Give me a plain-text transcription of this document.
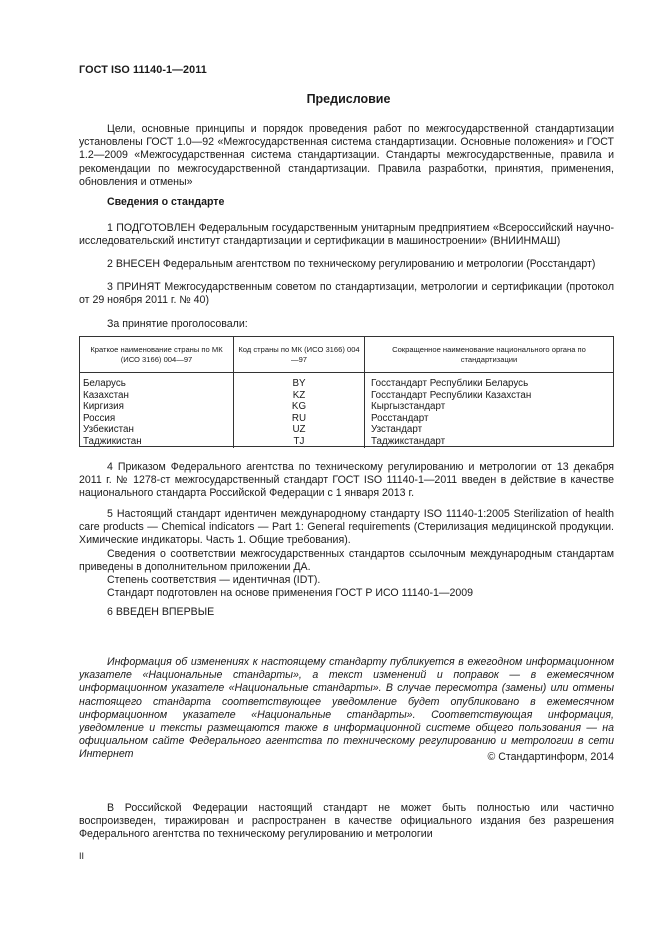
ГОСТ ISO 11140-1—2011
Предисловие

Цели, основные принципы и порядок проведения работ по межгосударственной стандартизации установлены ГОСТ 1.0—92 «Межгосударственная система стандартизации. Основные положения» и ГОСТ 1.2—2009 «Межгосударственная система стандартизации. Стандарты межгосударственные, правила и рекомендации по межгосударственной стандартизации. Правила разработки, принятия, применения, обновления и отмены»

Сведения о стандарте

1 ПОДГОТОВЛЕН Федеральным государственным унитарным предприятием «Всероссийский научно-исследовательский институт стандартизации и сертификации в машиностроении» (ВНИИНМАШ)

2 ВНЕСЕН Федеральным агентством по техническому регулированию и метрологии (Росстандарт)

3 ПРИНЯТ Межгосударственным советом по стандартизации, метрологии и сертификации (протокол от 29 ноября 2011 г. № 40)

За принятие проголосовали:

Краткое наименование страны по МК (ИСО 3166) 004—97	Код страны по МК (ИСО 3166) 004—97	Сокращенное наименование национального органа по стандартизации
Беларусь	BY	Госстандарт Республики Беларусь
Казахстан	KZ	Госстандарт Республики Казахстан
Киргизия	KG	Кыргызстандарт
Россия	RU	Росстандарт
Узбекистан	UZ	Узстандарт
Таджикистан	TJ	Таджикстандарт

4 Приказом Федерального агентства по техническому регулированию и метрологии от 13 декабря 2011 г. № 1278-ст межгосударственный стандарт ГОСТ ISO 11140-1—2011 введен в действие в качестве национального стандарта Российской Федерации с 1 января 2013 г.

5 Настоящий стандарт идентичен международному стандарту ISO 11140-1:2005 Sterilization of health care products — Chemical indicators — Part 1: General requirements (Стерилизация медицинской продукции. Химические индикаторы. Часть 1. Общие требования).

Сведения о соответствии межгосударственных стандартов ссылочным международным стандартам приведены в дополнительном приложении ДА.

Степень соответствия — идентичная (IDT).

Стандарт подготовлен на основе применения ГОСТ Р ИСО 11140-1—2009

6 ВВЕДЕН ВПЕРВЫЕ

Информация об изменениях к настоящему стандарту публикуется в ежегодном информационном указателе «Национальные стандарты», а текст изменений и поправок — в ежемесячном информационном указателе «Национальные стандарты». В случае пересмотра (замены) или отмены настоящего стандарта соответствующее уведомление будет опубликовано в ежемесячном информационном указателе «Национальные стандарты». Соответствующая информация, уведомление и тексты размещаются также в информационной системе общего пользования — на официальном сайте Федерального агентства по техническому регулированию и метрологии в сети Интернет	© Стандартинформ, 2014

В Российской Федерации настоящий стандарт не может быть полностью или частично воспроизведен, тиражирован и распространен в качестве официального издания без разрешения Федерального агентства по техническому регулированию и метрологии

II
